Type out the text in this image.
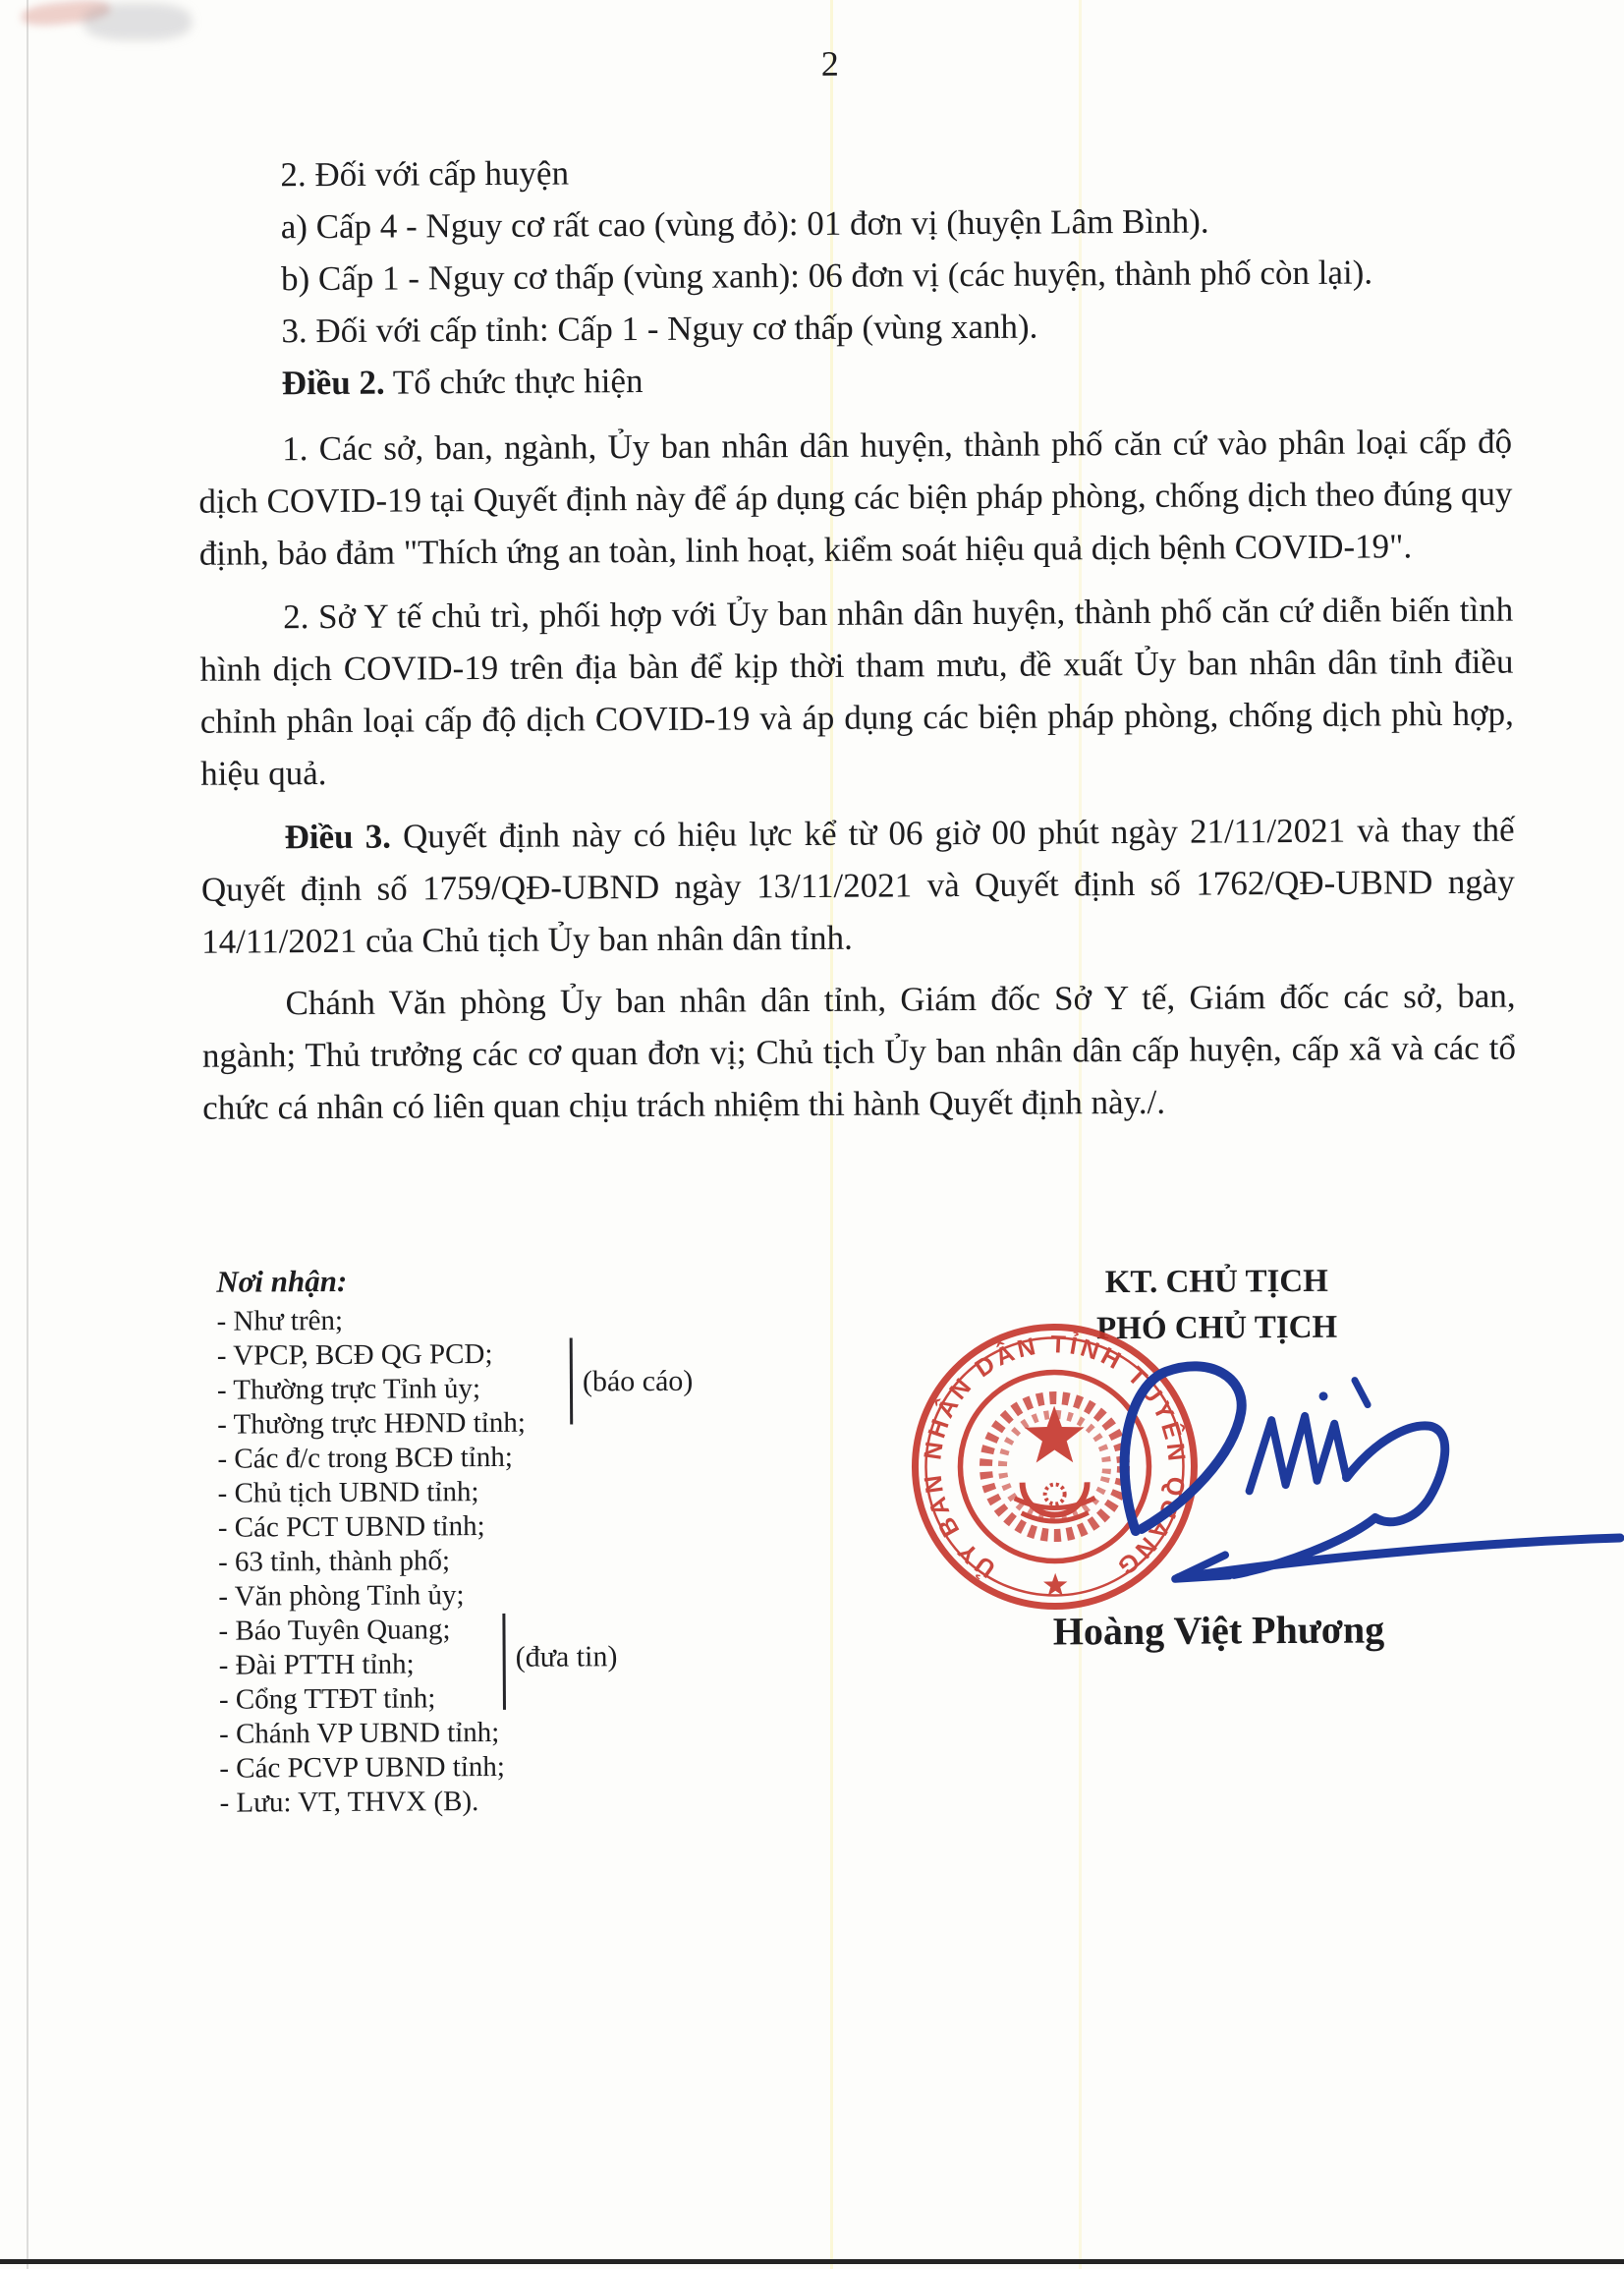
2

2. Đối với cấp huyện

a) Cấp 4 - Nguy cơ rất cao (vùng đỏ): 01 đơn vị (huyện Lâm Bình).

b) Cấp 1 - Nguy cơ thấp (vùng xanh): 06 đơn vị (các huyện, thành phố còn lại).

3. Đối với cấp tỉnh: Cấp 1 - Nguy cơ thấp (vùng xanh).

Điều 2. Tổ chức thực hiện

1. Các sở, ban, ngành, Ủy ban nhân dân huyện, thành phố căn cứ vào phân loại cấp độ dịch COVID-19 tại Quyết định này để áp dụng các biện pháp phòng, chống dịch theo đúng quy định, bảo đảm "Thích ứng an toàn, linh hoạt, kiểm soát hiệu quả dịch bệnh COVID-19".

2. Sở Y tế chủ trì, phối hợp với Ủy ban nhân dân huyện, thành phố căn cứ diễn biến tình hình dịch COVID-19 trên địa bàn để kịp thời tham mưu, đề xuất Ủy ban nhân dân tỉnh điều chỉnh phân loại cấp độ dịch COVID-19 và áp dụng các biện pháp phòng, chống dịch phù hợp, hiệu quả.

Điều 3. Quyết định này có hiệu lực kể từ 06 giờ 00 phút ngày 21/11/2021 và thay thế Quyết định số 1759/QĐ-UBND ngày 13/11/2021 và Quyết định số 1762/QĐ-UBND ngày 14/11/2021 của Chủ tịch Ủy ban nhân dân tỉnh.

Chánh Văn phòng Ủy ban nhân dân tỉnh, Giám đốc Sở Y tế, Giám đốc các sở, ban, ngành; Thủ trưởng các cơ quan đơn vị; Chủ tịch Ủy ban nhân dân cấp huyện, cấp xã và các tổ chức cá nhân có liên quan chịu trách nhiệm thi hành Quyết định này./.

Nơi nhận:

- Như trên;
- VPCP, BCĐ QG PCD;
- Thường trực Tỉnh ủy;
- Thường trực HĐND tỉnh;
- Các đ/c trong BCĐ tỉnh;
- Chủ tịch UBND tỉnh;
- Các PCT UBND tỉnh;
- 63 tỉnh, thành phố;
- Văn phòng Tỉnh ủy;
- Báo Tuyên Quang;
- Đài PTTH tỉnh;
- Cổng TTĐT tỉnh;
- Chánh VP UBND tỉnh;
- Các PCVP UBND tỉnh;
- Lưu: VT, THVX (B).
(báo cáo)
(đưa tin)
KT. CHỦ TỊCH
PHÓ CHỦ TỊCH
ỦY BAN NHÂN DÂN TỈNH TUYÊN QUANG
Hoàng Việt Phương
